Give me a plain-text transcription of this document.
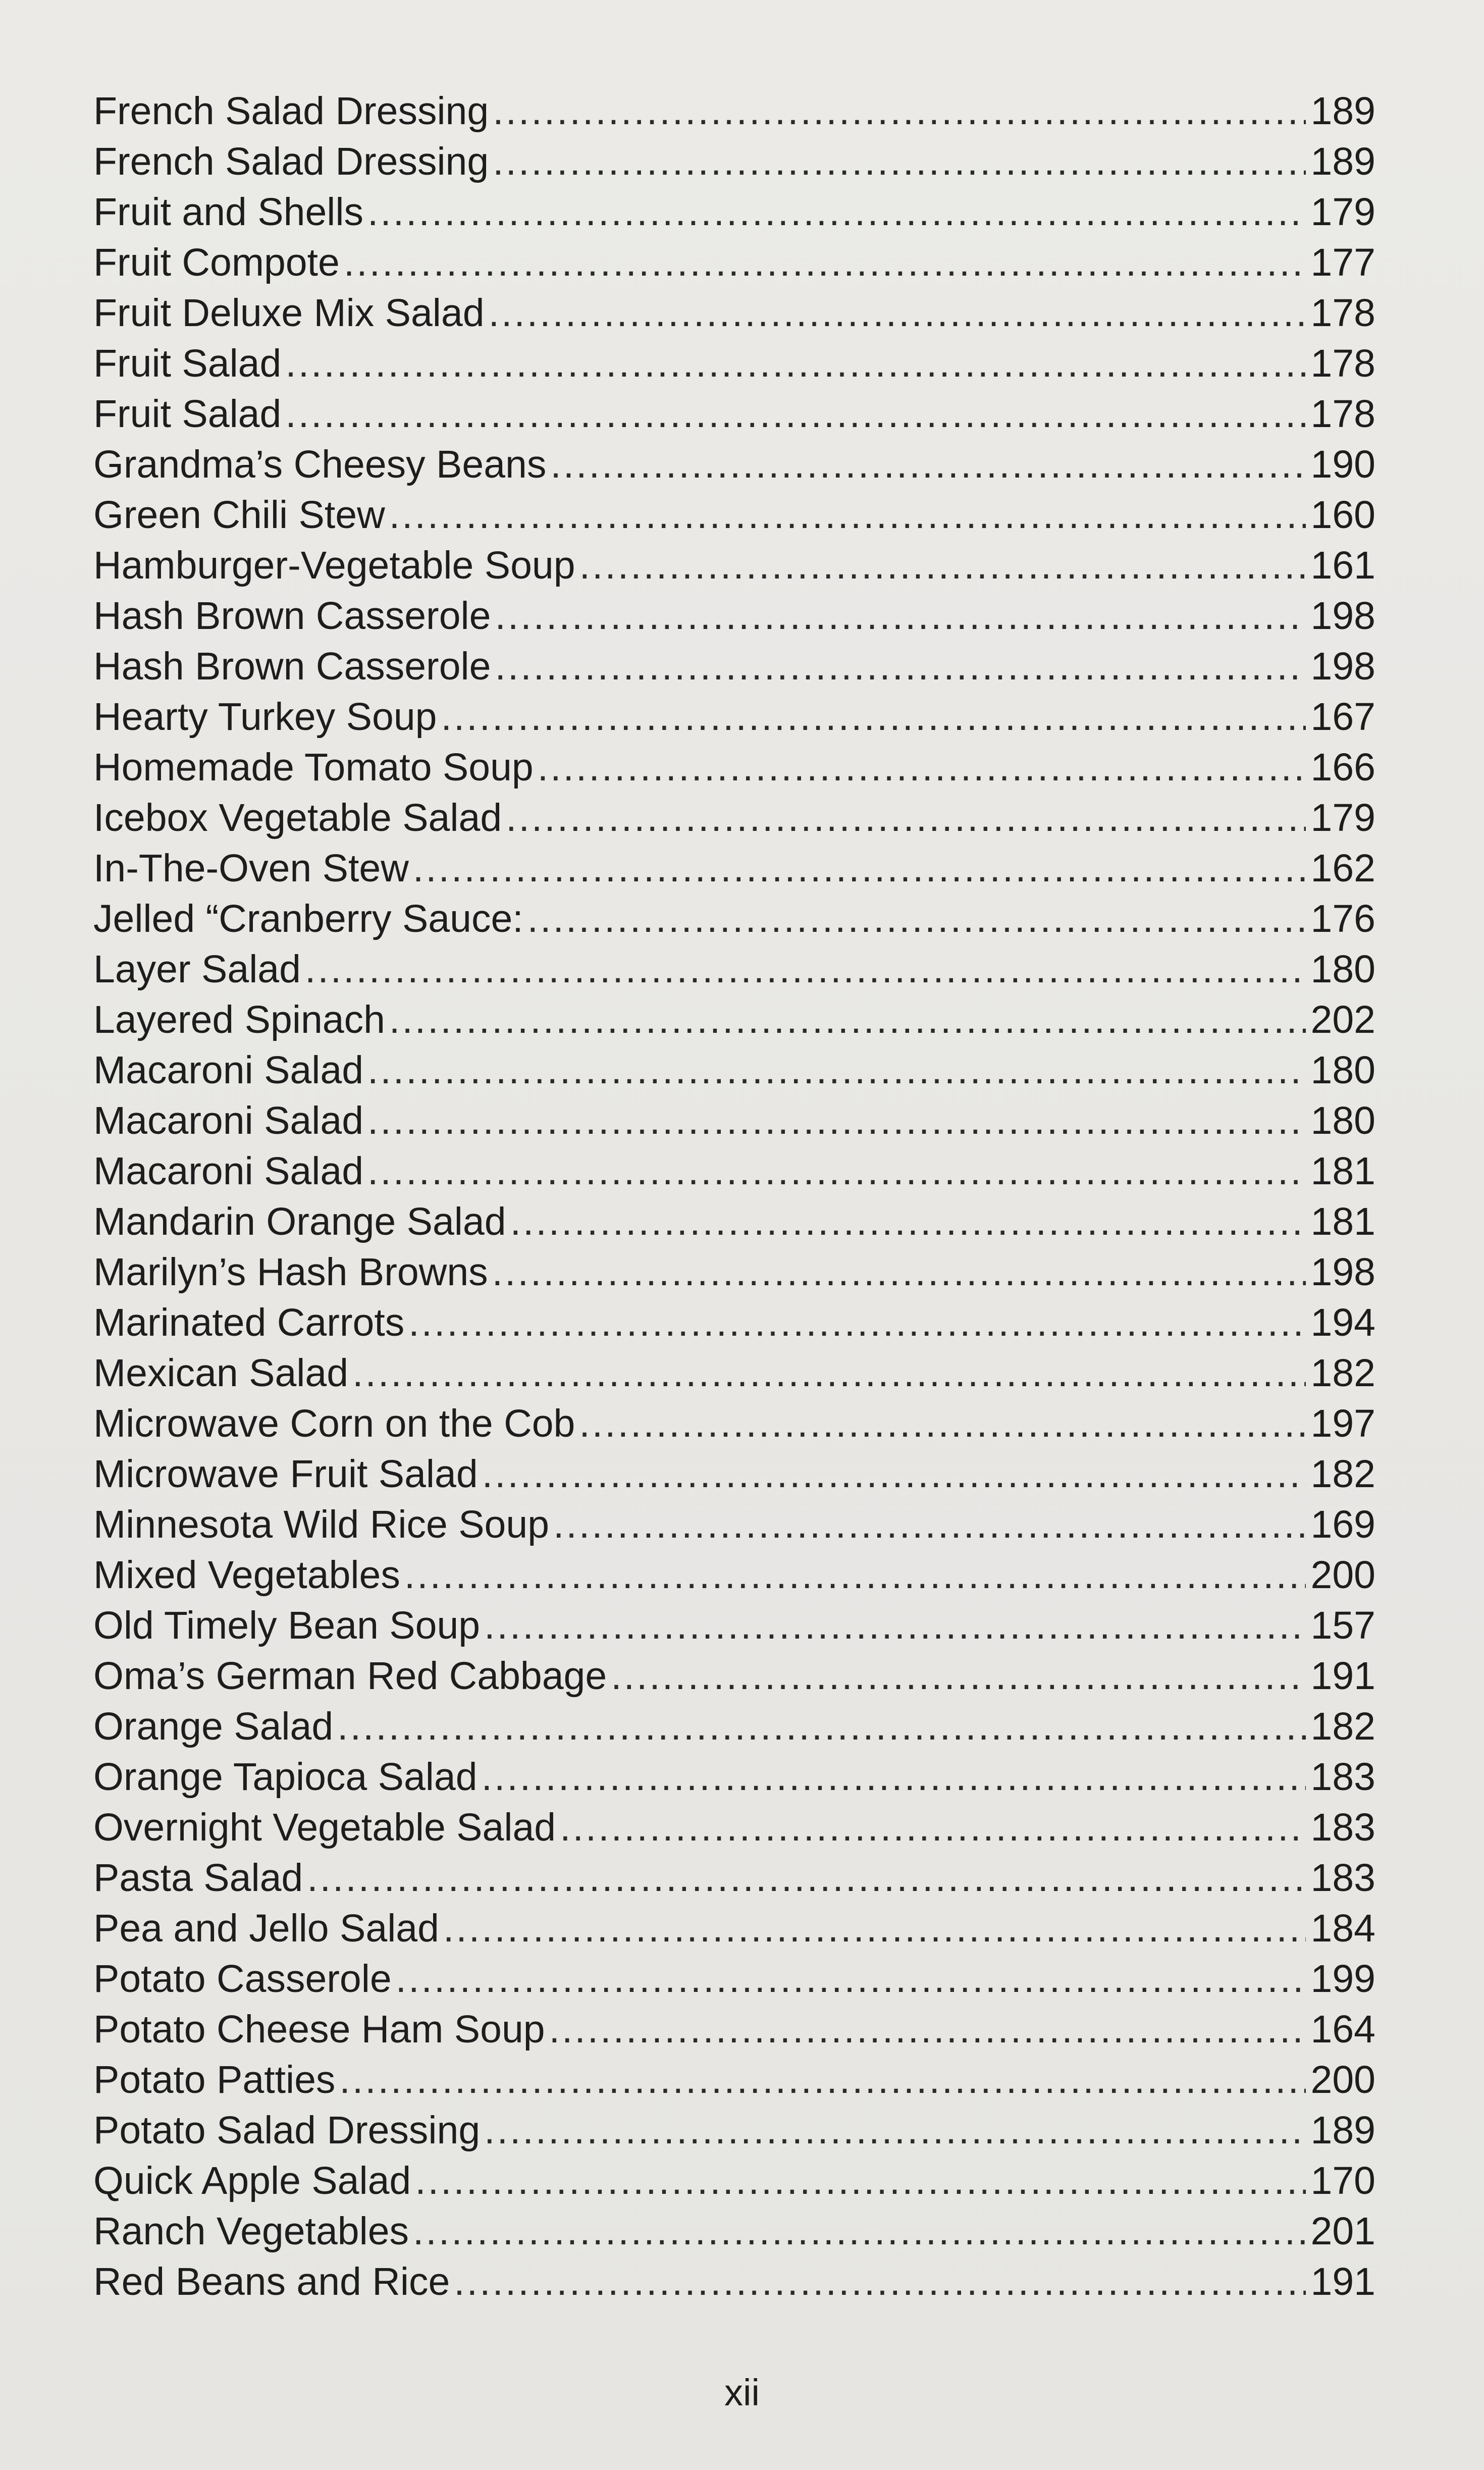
French Salad Dressing .....	189
French Salad Dressing .....	189
Fruit and Shells .....	179
Fruit Compote .....	177
Fruit Deluxe Mix Salad .....	178
Fruit Salad .....	178
Fruit Salad .....	178
Grandma’s Cheesy Beans .....	190
Green Chili Stew .....	160
Hamburger-Vegetable Soup .....	161
Hash Brown Casserole .....	198
Hash Brown Casserole .....	198
Hearty Turkey Soup .....	167
Homemade Tomato Soup .....	166
Icebox Vegetable Salad .....	179
In-The-Oven Stew .....	162
Jelled “Cranberry Sauce: .....	176
Layer Salad .....	180
Layered Spinach .....	202
Macaroni Salad .....	180
Macaroni Salad .....	180
Macaroni Salad .....	181
Mandarin Orange Salad .....	181
Marilyn’s Hash Browns .....	198
Marinated Carrots .....	194
Mexican Salad .....	182
Microwave Corn on the Cob .....	197
Microwave Fruit Salad .....	182
Minnesota Wild Rice Soup .....	169
Mixed Vegetables .....	200
Old Timely Bean Soup .....	157
Oma’s German Red Cabbage .....	191
Orange Salad .....	182
Orange Tapioca Salad .....	183
Overnight Vegetable Salad .....	183
Pasta Salad .....	183
Pea and Jello Salad .....	184
Potato Casserole .....	199
Potato Cheese Ham Soup .....	164
Potato Patties .....	200
Potato Salad Dressing .....	189
Quick Apple Salad .....	170
Ranch Vegetables .....	201
Red Beans and Rice .....	191
xii
